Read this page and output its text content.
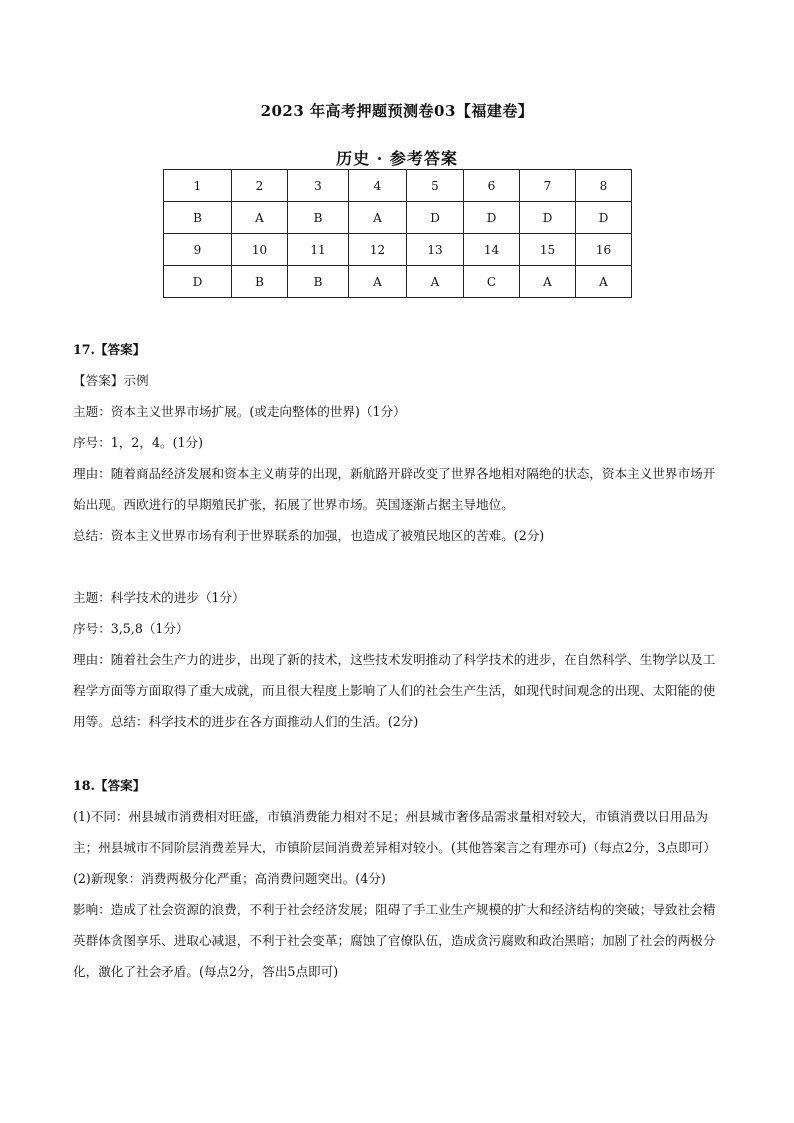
2023 年高考押题预测卷03【福建卷】
历史 · 参考答案
1	2	3	4	5	6	7	8
B	A	B	A	D	D	D	D
9	10	11	12	13	14	15	16
D	B	B	A	A	C	A	A

17.【答案】

【答案】示例

主题：资本主义世界市场扩展。(或走向整体的世界)（1分）

序号：1，2，4。(1分)

理由：随着商品经济发展和资本主义萌芽的出现，新航路开辟改变了世界各地相对隔绝的状态，资本主义世界市场开始出现。西欧进行的早期殖民扩张，拓展了世界市场。英国逐渐占据主导地位。

总结：资本主义世界市场有利于世界联系的加强，也造成了被殖民地区的苦难。(2分)

主题：科学技术的进步（1分）

序号：3,5,8（1分）

理由：随着社会生产力的进步，出现了新的技术，这些技术发明推动了科学技术的进步，在自然科学、生物学以及工程学方面等方面取得了重大成就，而且很大程度上影响了人们的社会生产生活，如现代时间观念的出现、太阳能的使用等。总结：科学技术的进步在各方面推动人们的生活。(2分)

18.【答案】

(1)不同：州县城市消费相对旺盛，市镇消费能力相对不足；州县城市奢侈品需求量相对较大，市镇消费以日用品为主；州县城市不同阶层消费差异大，市镇阶层间消费差异相对较小。(其他答案言之有理亦可)（每点2分，3点即可）

(2)新现象：消费两极分化严重；高消费问题突出。(4分)

影响：造成了社会资源的浪费，不利于社会经济发展；阻碍了手工业生产规模的扩大和经济结构的突破；导致社会精英群体贪图享乐、进取心减退，不利于社会变革；腐蚀了官僚队伍，造成贪污腐败和政治黑暗；加剧了社会的两极分化，激化了社会矛盾。(每点2分，答出5点即可)
